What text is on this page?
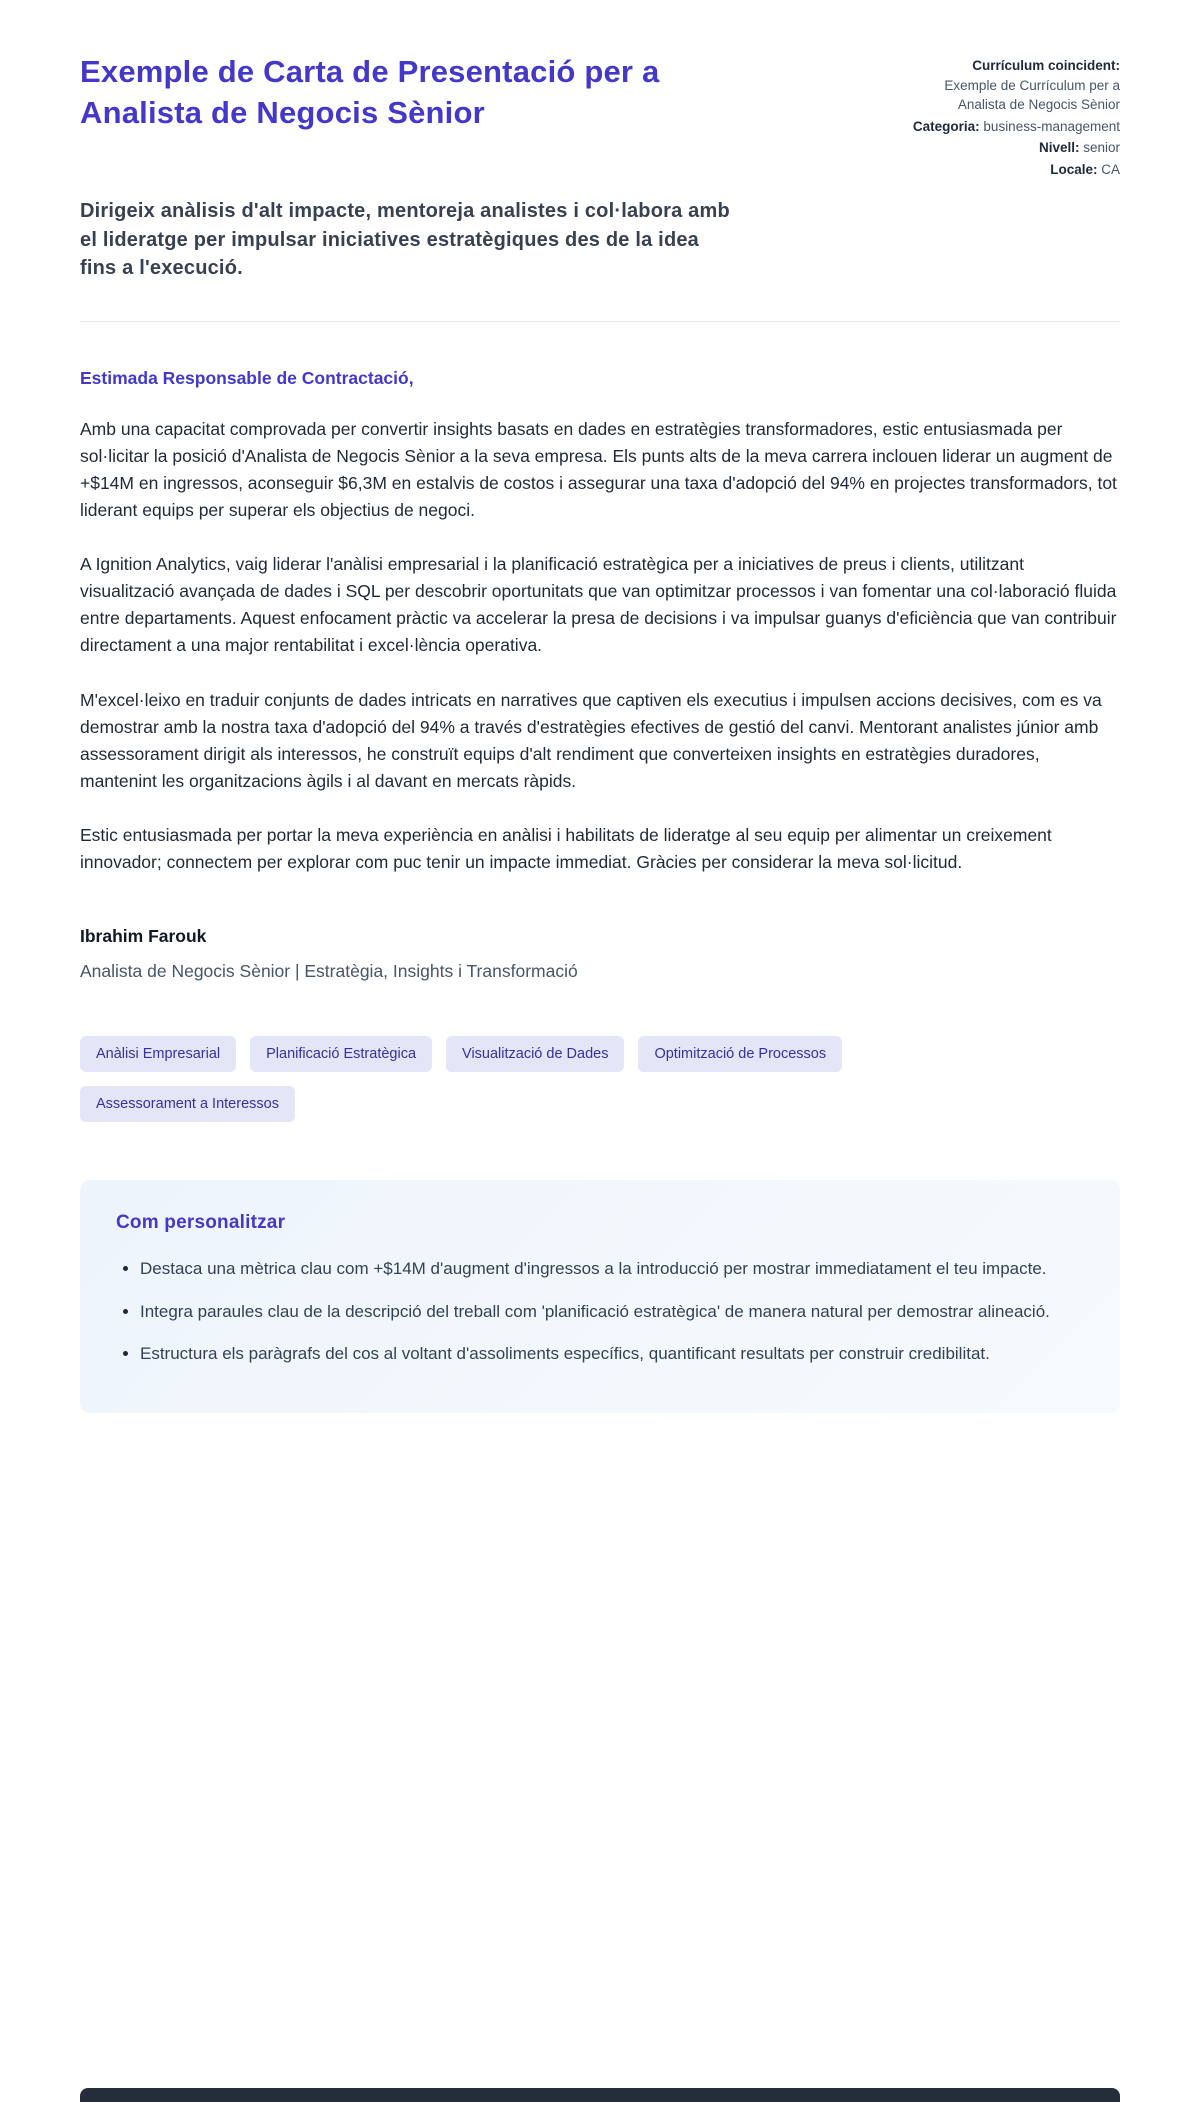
Exemple de Carta de Presentació per a Analista de Negocis Sènior
Currículum coincident:
Exemple de Currículum per a Analista de Negocis Sènior
Categoria: business-management
Nivell: senior
Locale: CA
Dirigeix anàlisis d'alt impacte, mentoreja analistes i col·labora amb el lideratge per impulsar iniciatives estratègiques des de la idea fins a l'execució.

Estimada Responsable de Contractació,

Amb una capacitat comprovada per convertir insights basats en dades en estratègies transformadores, estic entusiasmada per sol·licitar la posició d'Analista de Negocis Sènior a la seva empresa. Els punts alts de la meva carrera inclouen liderar un augment de +$14M en ingressos, aconseguir $6,3M en estalvis de costos i assegurar una taxa d'adopció del 94% en projectes transformadors, tot liderant equips per superar els objectius de negoci.

A Ignition Analytics, vaig liderar l'anàlisi empresarial i la planificació estratègica per a iniciatives de preus i clients, utilitzant visualització avançada de dades i SQL per descobrir oportunitats que van optimitzar processos i van fomentar una col·laboració fluida entre departaments. Aquest enfocament pràctic va accelerar la presa de decisions i va impulsar guanys d'eficiència que van contribuir directament a una major rentabilitat i excel·lència operativa.

M'excel·leixo en traduir conjunts de dades intricats en narratives que captiven els executius i impulsen accions decisives, com es va demostrar amb la nostra taxa d'adopció del 94% a través d'estratègies efectives de gestió del canvi. Mentorant analistes júnior amb assessorament dirigit als interessos, he construït equips d'alt rendiment que converteixen insights en estratègies duradores, mantenint les organitzacions àgils i al davant en mercats ràpids.

Estic entusiasmada per portar la meva experiència en anàlisi i habilitats de lideratge al seu equip per alimentar un creixement innovador; connectem per explorar com puc tenir un impacte immediat. Gràcies per considerar la meva sol·licitud.

Ibrahim Farouk

Analista de Negocis Sènior | Estratègia, Insights i Transformació

Anàlisi Empresarial	Planificació Estratègica	Visualització de Dades	Optimització de Processos
Assessorament a Interessos
Com personalitzar
• Destaca una mètrica clau com +$14M d'augment d'ingressos a la introducció per mostrar immediatament el teu impacte.
• Integra paraules clau de la descripció del treball com 'planificació estratègica' de manera natural per demostrar alineació.
• Estructura els paràgrafs del cos al voltant d'assoliments específics, quantificant resultats per construir credibilitat.
